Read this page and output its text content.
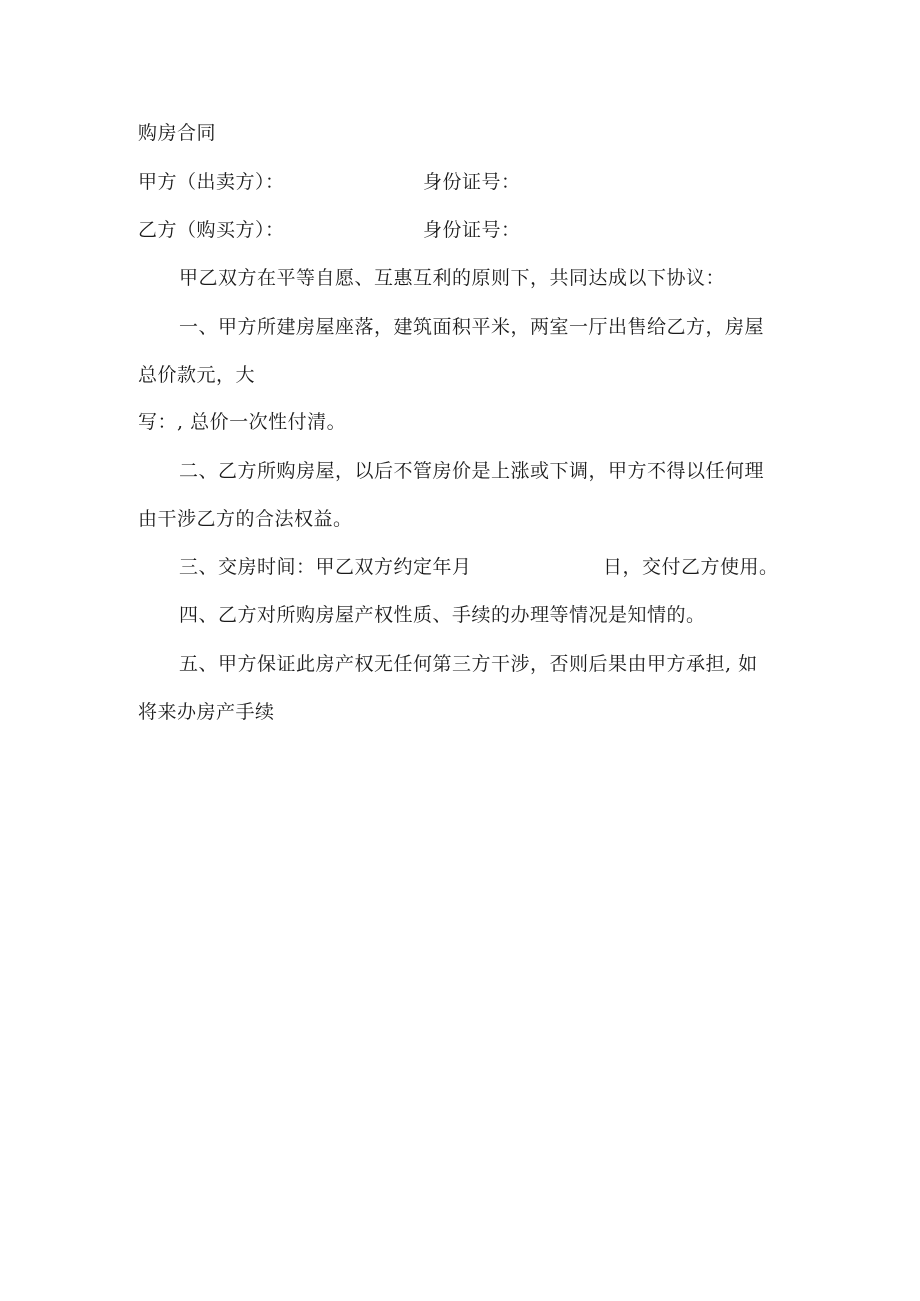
购房合同
甲方（出卖方）：	身份证号：
乙方（购买方）：	身份证号：
甲乙双方在平等自愿、互惠互利的原则下，共同达成以下协议：
一、甲方所建房屋座落，建筑面积平米，两室一厅出售给乙方，房屋
总价款元，大
写：, 总价一次性付清。
二、乙方所购房屋，以后不管房价是上涨或下调，甲方不得以任何理
由干涉乙方的合法权益。
三、交房时间：甲乙双方约定年月	日，交付乙方使用。
四、乙方对所购房屋产权性质、手续的办理等情况是知情的。
五、甲方保证此房产权无任何第三方干涉，否则后果由甲方承担, 如
将来办房产手续
